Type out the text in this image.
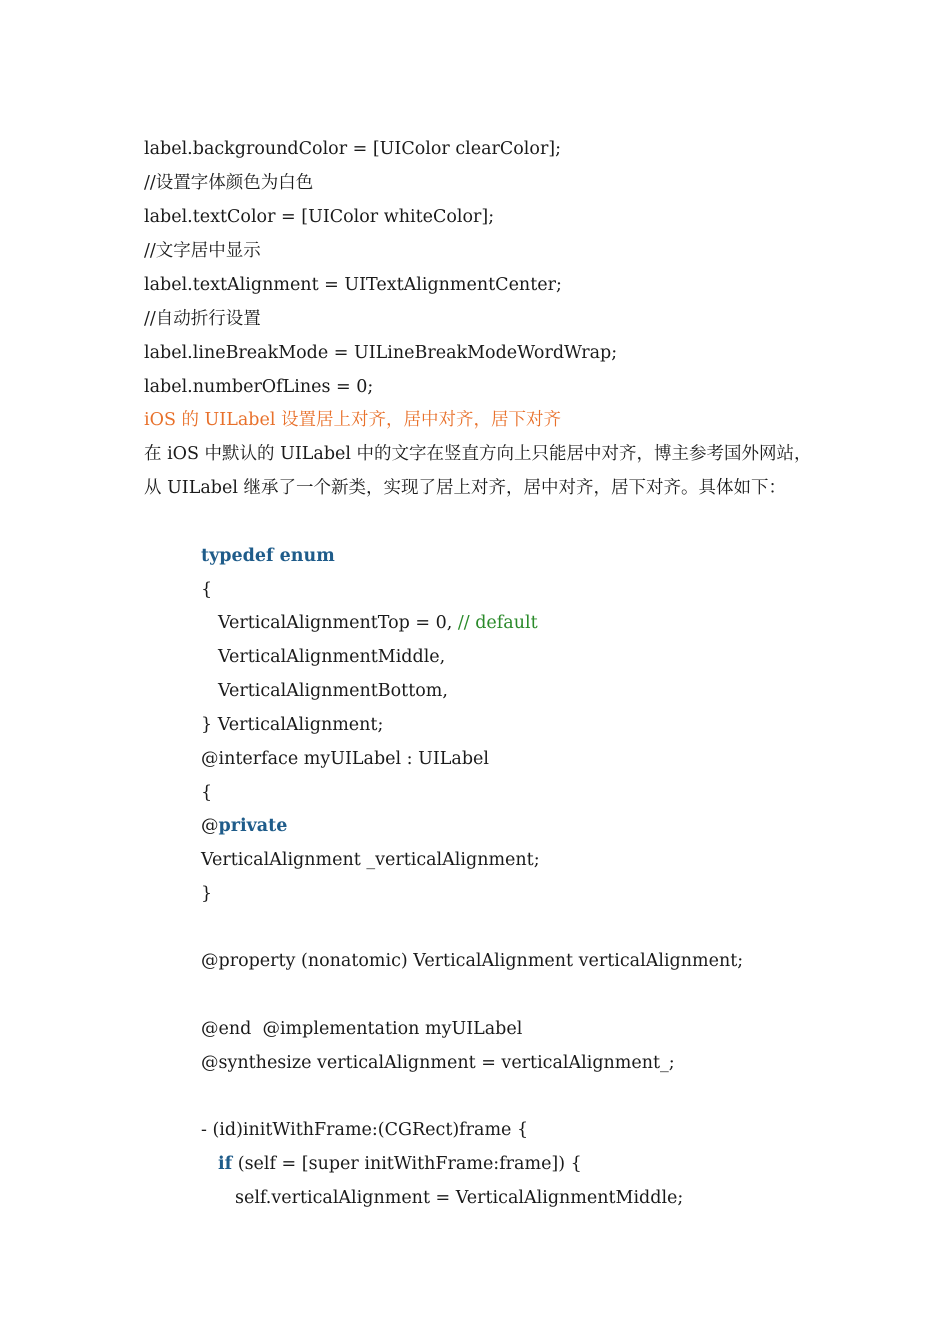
label.backgroundColor = [UIColor clearColor];
//设置字体颜色为白色
label.textColor = [UIColor whiteColor];
//文字居中显示
label.textAlignment = UITextAlignmentCenter;
//自动折行设置
label.lineBreakMode = UILineBreakModeWordWrap;
label.numberOfLines = 0;
iOS 的 UILabel 设置居上对齐，居中对齐，居下对齐
在 iOS 中默认的 UILabel 中的文字在竖直方向上只能居中对齐，博主参考国外网站，从 UILabel 继承了一个新类，实现了居上对齐，居中对齐，居下对齐。具体如下：
typedef enum
{
VerticalAlignmentTop = 0, // default
VerticalAlignmentMiddle,
VerticalAlignmentBottom,
} VerticalAlignment;
@interface myUILabel : UILabel
{
@private
VerticalAlignment _verticalAlignment;
}
@property (nonatomic) VerticalAlignment verticalAlignment;
@end  @implementation myUILabel
@synthesize verticalAlignment = verticalAlignment_;
- (id)initWithFrame:(CGRect)frame {
if (self = [super initWithFrame:frame]) {
self.verticalAlignment = VerticalAlignmentMiddle;
